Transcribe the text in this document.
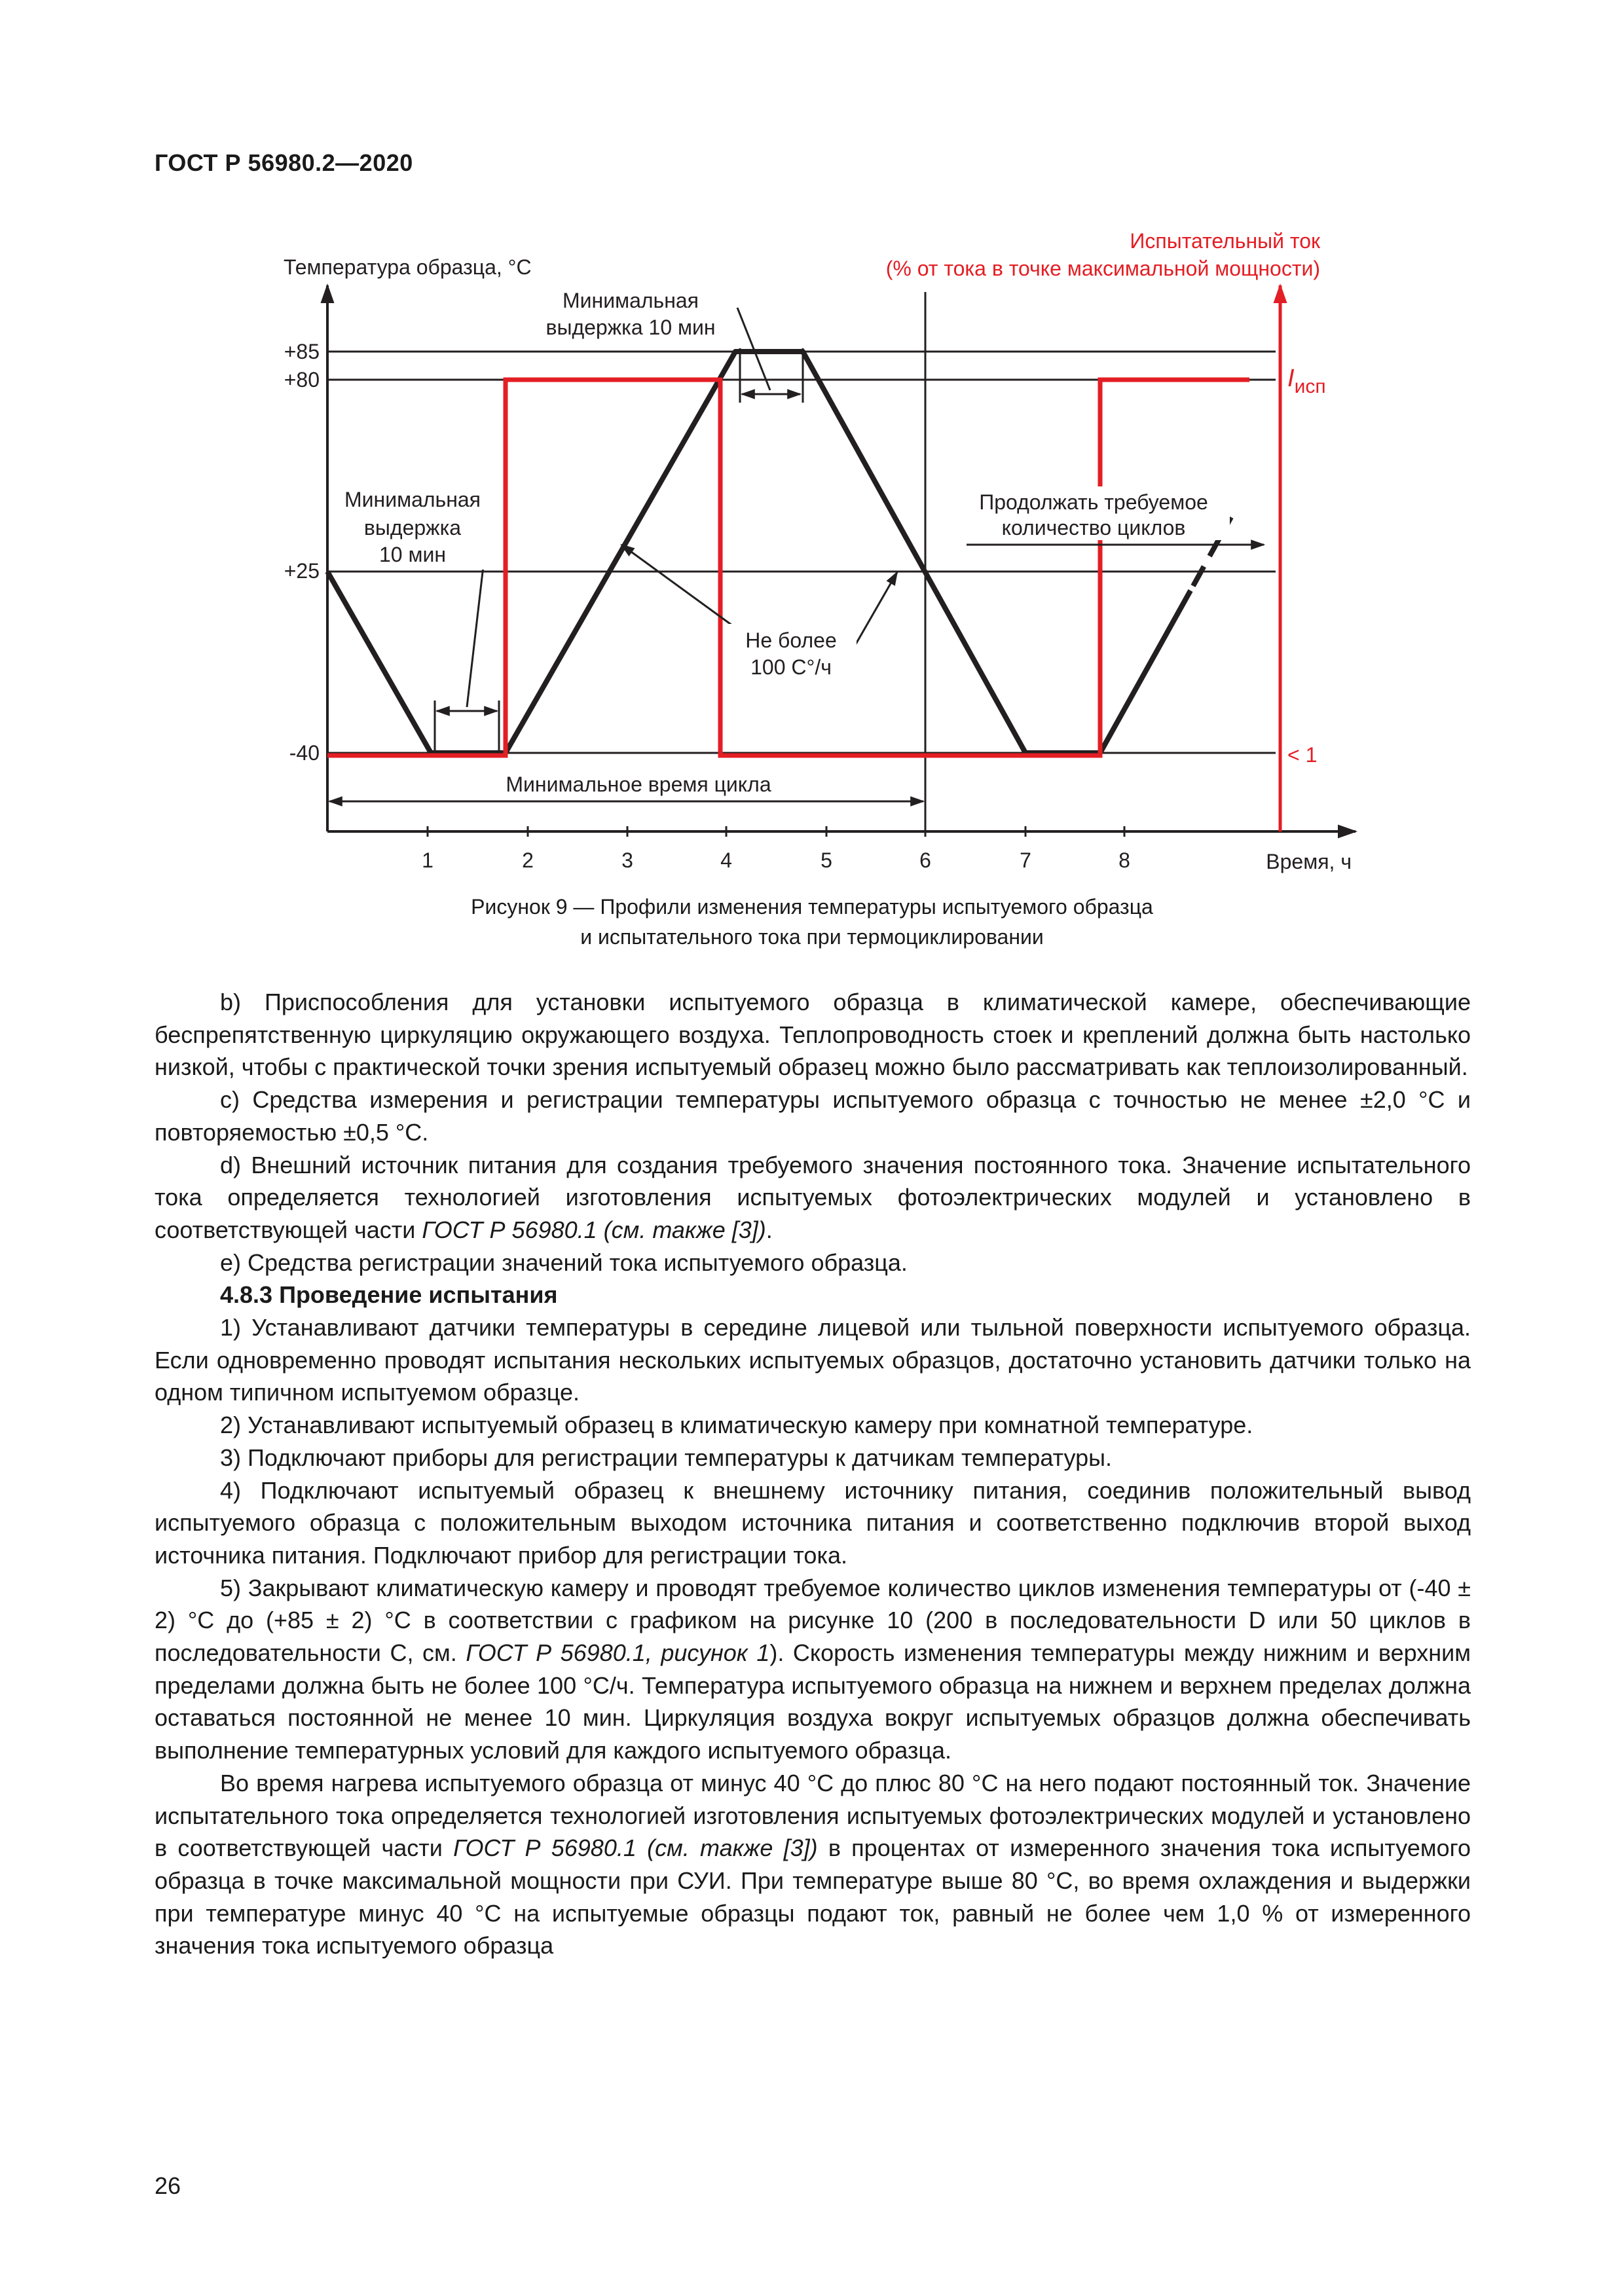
ГОСТ Р 56980.2—2020
Температура образца, °С
Испытательный ток
(% от тока в точке максимальной мощности)
+85
+80
+25
-40
1	2	3	4	5	6	7	8	Время, ч
< 1
$I_{исп}$
Минимальная
выдержка 10 мин
Минимальная
выдержка
10 мин
Не более
100 С°/ч
Продолжать требуемое
количество циклов
Минимальное время цикла
Рисунок 9 — Профили изменения температуры испытуемого образца
и испытательного тока при термоциклировании

b) Приспособления для установки испытуемого образца в климатической камере, обеспечивающие беспрепятственную циркуляцию окружающего воздуха. Теплопроводность стоек и креплений должна быть настолько низкой, чтобы с практической точки зрения испытуемый образец можно было рассматривать как теплоизолированный.

c) Средства измерения и регистрации температуры испытуемого образца с точностью не менее ±2,0 °С и повторяемостью ±0,5 °С.

d) Внешний источник питания для создания требуемого значения постоянного тока. Значение испытательного тока определяется технологией изготовления испытуемых фотоэлектрических модулей и установлено в соответствующей части ГОСТ Р 56980.1 (см. также [3]).

e) Средства регистрации значений тока испытуемого образца.

4.8.3 Проведение испытания

1) Устанавливают датчики температуры в середине лицевой или тыльной поверхности испытуемого образца. Если одновременно проводят испытания нескольких испытуемых образцов, достаточно установить датчики только на одном типичном испытуемом образце.

2) Устанавливают испытуемый образец в климатическую камеру при комнатной температуре.

3) Подключают приборы для регистрации температуры к датчикам температуры.

4) Подключают испытуемый образец к внешнему источнику питания, соединив положительный вывод испытуемого образца с положительным выходом источника питания и соответственно подключив второй выход источника питания. Подключают прибор для регистрации тока.

5) Закрывают климатическую камеру и проводят требуемое количество циклов изменения температуры от (-40 ± 2) °С до (+85 ± 2) °С в соответствии с графиком на рисунке 10 (200 в последовательности D или 50 циклов в последовательности C, см. ГОСТ Р 56980.1, рисунок 1). Скорость изменения температуры между нижним и верхним пределами должна быть не более 100 °С/ч. Температура испытуемого образца на нижнем и верхнем пределах должна оставаться постоянной не менее 10 мин. Циркуляция воздуха вокруг испытуемых образцов должна обеспечивать выполнение температурных условий для каждого испытуемого образца.

Во время нагрева испытуемого образца от минус 40 °С до плюс 80 °С на него подают постоянный ток. Значение испытательного тока определяется технологией изготовления испытуемых фотоэлектрических модулей и установлено в соответствующей части ГОСТ Р 56980.1 (см. также [3]) в процентах от измеренного значения тока испытуемого образца в точке максимальной мощности при СУИ. При температуре выше 80 °С, во время охлаждения и выдержки при температуре минус 40 °С на испытуемые образцы подают ток, равный не более чем 1,0 % от измеренного значения тока испытуемого образца

26
